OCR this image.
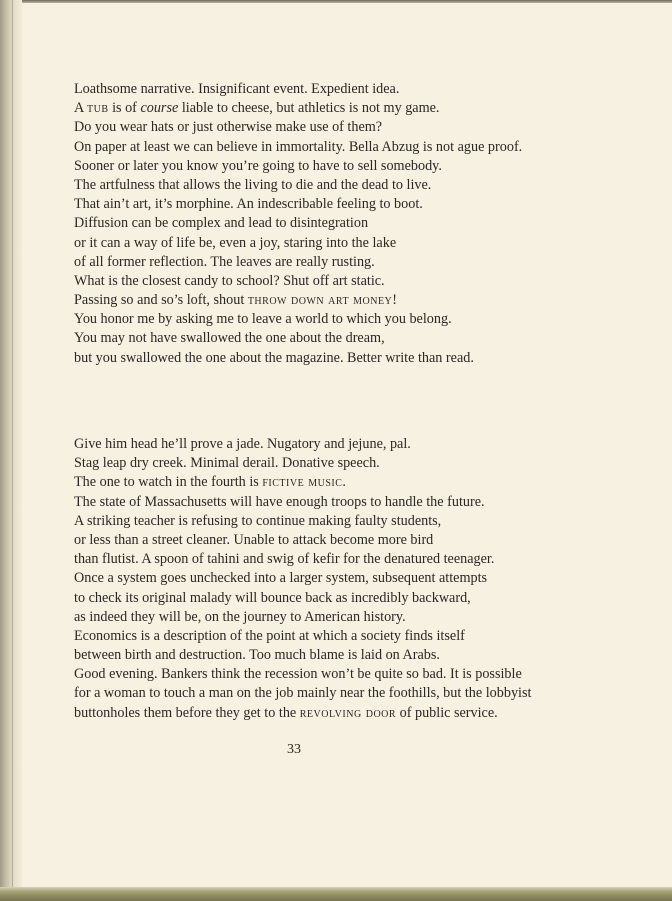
Loathsome narrative. Insignificant event. Expedient idea.
A tub is of course liable to cheese, but athletics is not my game.
Do you wear hats or just otherwise make use of them?
On paper at least we can believe in immortality. Bella Abzug is not ague proof.
Sooner or later you know you’re going to have to sell somebody.
The artfulness that allows the living to die and the dead to live.
That ain’t art, it’s morphine. An indescribable feeling to boot.
Diffusion can be complex and lead to disintegration
or it can a way of life be, even a joy, staring into the lake
of all former reflection. The leaves are really rusting.
What is the closest candy to school? Shut off art static.
Passing so and so’s loft, shout throw down art money!
You honor me by asking me to leave a world to which you belong.
You may not have swallowed the one about the dream,
but you swallowed the one about the magazine. Better write than read.
Give him head he’ll prove a jade. Nugatory and jejune, pal.
Stag leap dry creek. Minimal derail. Donative speech.
The one to watch in the fourth is fictive music.
The state of Massachusetts will have enough troops to handle the future.
A striking teacher is refusing to continue making faulty students,
or less than a street cleaner. Unable to attack become more bird
than flutist. A spoon of tahini and swig of kefir for the denatured teenager.
Once a system goes unchecked into a larger system, subsequent attempts
to check its original malady will bounce back as incredibly backward,
as indeed they will be, on the journey to American history.
Economics is a description of the point at which a society finds itself
between birth and destruction. Too much blame is laid on Arabs.
Good evening. Bankers think the recession won’t be quite so bad. It is possible
for a woman to touch a man on the job mainly near the foothills, but the lobbyist
buttonholes them before they get to the revolving door of public service.
33
